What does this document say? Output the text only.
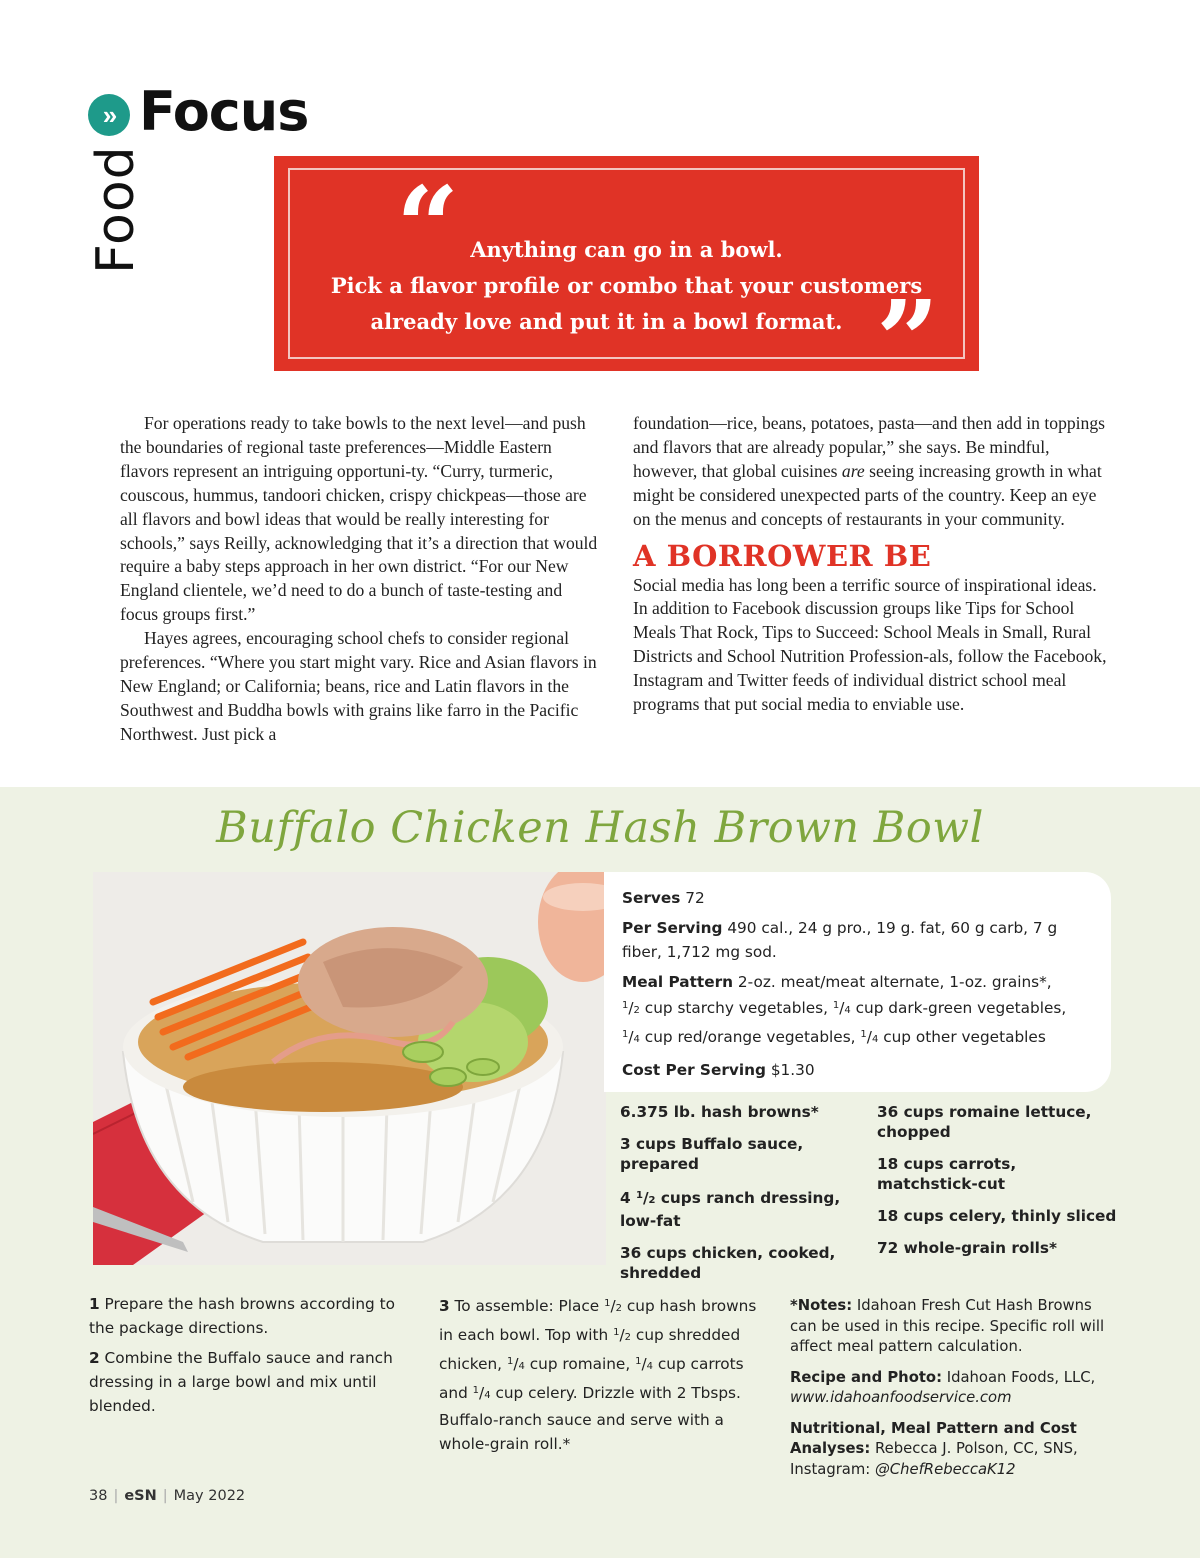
» Focus
Food “ Anything can go in a bowl.
Pick a flavor profile or combo that your customers
already love and put it in a bowl format. ”

For operations ready to take bowls to the next level—and push the boundaries of regional taste preferences—Middle Eastern flavors represent an intriguing opportuni-ty. “Curry, turmeric, couscous, hummus, tandoori chicken, crispy chickpeas—those are all flavors and bowl ideas that would be really interesting for schools,” says Reilly, acknowledging that it’s a direction that would require a baby steps approach in her own district. “For our New England clientele, we’d need to do a bunch of taste-testing and focus groups first.”

Hayes agrees, encouraging school chefs to consider regional preferences. “Where you start might vary. Rice and Asian flavors in New England; or California; beans, rice and Latin flavors in the Southwest and Buddha bowls with grains like farro in the Pacific Northwest. Just pick a

foundation—rice, beans, potatoes, pasta—and then add in toppings and flavors that are already popular,” she says. Be mindful, however, that global cuisines are seeing increasing growth in what might be considered unexpected parts of the country. Keep an eye on the menus and concepts of restaurants in your community.

A BORROWER BE

Social media has long been a terrific source of inspirational ideas. In addition to Facebook discussion groups like Tips for School Meals That Rock, Tips to Succeed: School Meals in Small, Rural Districts and School Nutrition Profession-als, follow the Facebook, Instagram and Twitter feeds of individual district school meal programs that put social media to enviable use.

Buffalo Chicken Hash Brown Bowl

Serves 72

Per Serving 490 cal., 24 g pro., 19 g. fat, 60 g carb, 7 g fiber, 1,712 mg sod.

Meal Pattern 2-oz. meat/meat alternate, 1-oz. grains*,
$^1$/2 cup starchy vegetables, $^1$/4 cup dark-green vegetables,
$^1$/4 cup red/orange vegetables, $^1$/4 cup other vegetables

Cost Per Serving $1.30

6.375 lb. hash browns*
3 cups Buffalo sauce, prepared
4 $^1$/2 cups ranch dressing, low-fat
36 cups chicken, cooked, shredded
36 cups romaine lettuce, chopped
18 cups carrots, matchstick-cut
18 cups celery, thinly sliced
72 whole-grain rolls*

1 Prepare the hash browns according to the package directions.

2 Combine the Buffalo sauce and ranch dressing in a large bowl and mix until blended.

3 To assemble: Place $^1$/2 cup hash browns in each bowl. Top with $^1$/2 cup shredded chicken, $^1$/4 cup romaine, $^1$/4 cup carrots and $^1$/4 cup celery. Drizzle with 2 Tbsps. Buffalo-ranch sauce and serve with a whole-grain roll.*

*Notes: Idahoan Fresh Cut Hash Browns can be used in this recipe. Specific roll will affect meal pattern calculation.

Recipe and Photo: Idahoan Foods, LLC,
www.idahoanfoodservice.com

Nutritional, Meal Pattern and Cost Analyses: Rebecca J. Polson, CC, SNS, Instagram: @ChefRebeccaK12

38 | eSN | May 2022
